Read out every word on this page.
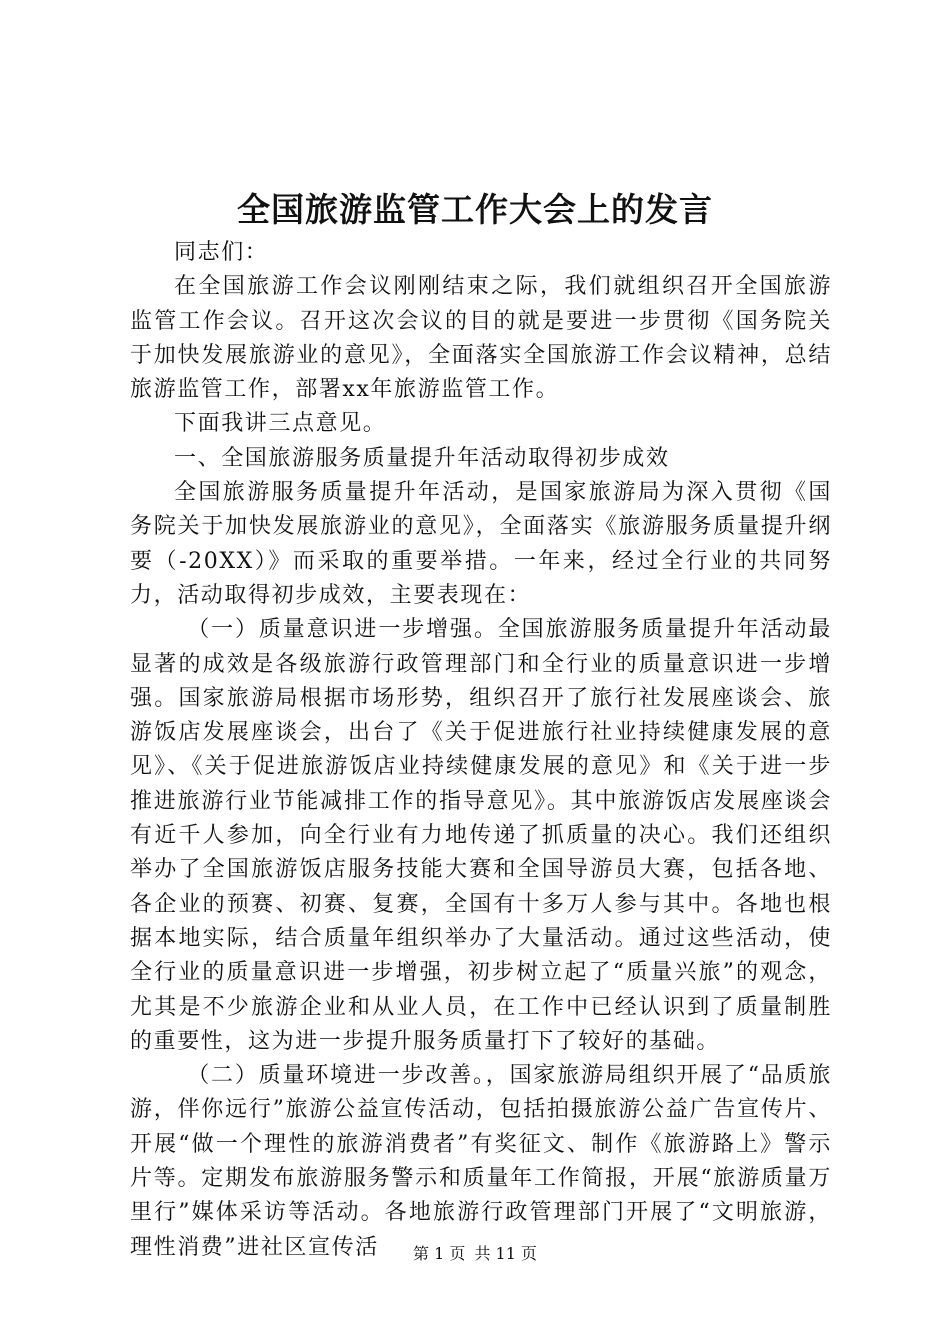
全国旅游监管工作大会上的发言

同志们：

在全国旅游工作会议刚刚结束之际，我们就组织召开全国旅游监管工作会议。召开这次会议的目的就是要进一步贯彻《国务院关于加快发展旅游业的意见》，全面落实全国旅游工作会议精神，总结旅游监管工作，部署xx年旅游监管工作。

下面我讲三点意见。

一、全国旅游服务质量提升年活动取得初步成效

全国旅游服务质量提升年活动，是国家旅游局为深入贯彻《国务院关于加快发展旅游业的意见》，全面落实《旅游服务质量提升纲要（-20XX）》而采取的重要举措。一年来，经过全行业的共同努力，活动取得初步成效，主要表现在：

（一）质量意识进一步增强。全国旅游服务质量提升年活动最显著的成效是各级旅游行政管理部门和全行业的质量意识进一步增强。国家旅游局根据市场形势，组织召开了旅行社发展座谈会、旅游饭店发展座谈会，出台了《关于促进旅行社业持续健康发展的意见》、《关于促进旅游饭店业持续健康发展的意见》和《关于进一步推进旅游行业节能减排工作的指导意见》。其中旅游饭店发展座谈会有近千人参加，向全行业有力地传递了抓质量的决心。我们还组织举办了全国旅游饭店服务技能大赛和全国导游员大赛，包括各地、各企业的预赛、初赛、复赛，全国有十多万人参与其中。各地也根据本地实际，结合质量年组织举办了大量活动。通过这些活动，使全行业的质量意识进一步增强，初步树立起了“质量兴旅”的观念，尤其是不少旅游企业和从业人员，在工作中已经认识到了质量制胜的重要性，这为进一步提升服务质量打下了较好的基础。

（二）质量环境进一步改善。，国家旅游局组织开展了“品质旅游，伴你远行”旅游公益宣传活动，包括拍摄旅游公益广告宣传片、开展“做一个理性的旅游消费者”有奖征文、制作《旅游路上》警示片等。定期发布旅游服务警示和质量年工作简报，开展“旅游质量万里行”媒体采访等活动。各地旅游行政管理部门开展了“文明旅游，理性消费”进社区宣传活	第 1 页 共 11 页
